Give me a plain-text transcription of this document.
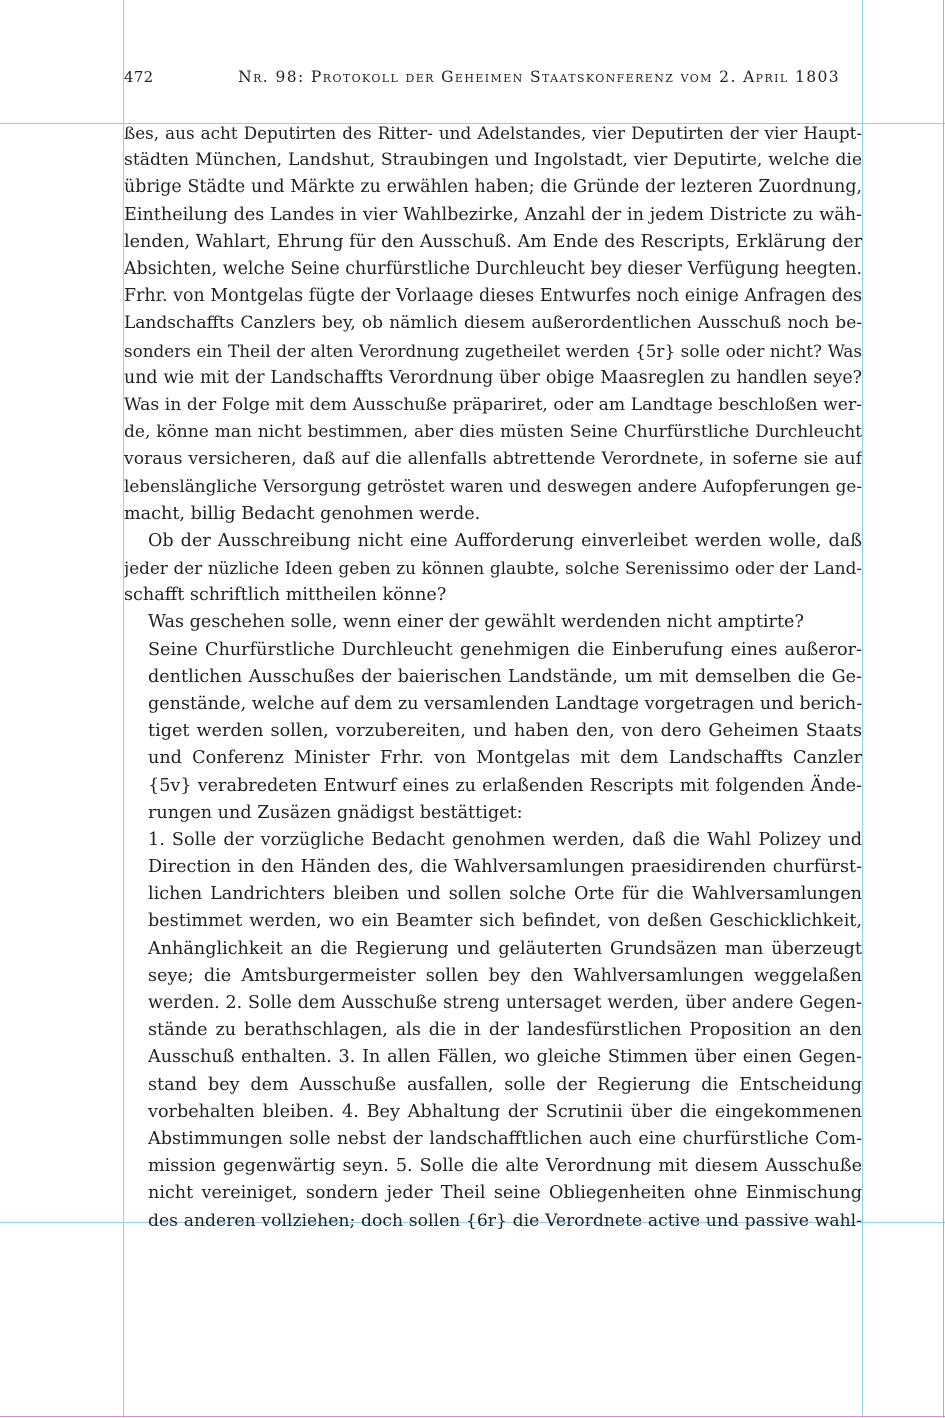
472	Nr. 98: Protokoll der Geheimen Staatskonferenz vom 2. April 1803
ßes, aus acht Deputirten des Ritter- und Adelstandes, vier Deputirten der vier Haupt-
städten München, Landshut, Straubingen und Ingolstadt, vier Deputirte, welche die
übrige Städte und Märkte zu erwählen haben; die Gründe der lezteren Zuordnung,
Eintheilung des Landes in vier Wahlbezirke, Anzahl der in jedem Districte zu wäh-
lenden, Wahlart, Ehrung für den Ausschuß. Am Ende des Rescripts, Erklärung der
Absichten, welche Seine churfürstliche Durchleucht bey dieser Verfügung heegten.
Frhr. von Montgelas fügte der Vorlaage dieses Entwurfes noch einige Anfragen des
Landschaffts Canzlers bey, ob nämlich diesem außerordentlichen Ausschuß noch be-
sonders ein Theil der alten Verordnung zugetheilet werden {5r} solle oder nicht? Was
und wie mit der Landschaffts Verordnung über obige Maasreglen zu handlen seye?
Was in der Folge mit dem Ausschuße präpariret, oder am Landtage beschloßen wer-
de, könne man nicht bestimmen, aber dies müsten Seine Churfürstliche Durchleucht
voraus versicheren, daß auf die allenfalls abtrettende Verordnete, in soferne sie auf
lebenslängliche Versorgung getröstet waren und deswegen andere Aufopferungen ge-
macht, billig Bedacht genohmen werde.
Ob der Ausschreibung nicht eine Aufforderung einverleibet werden wolle, daß
jeder der nüzliche Ideen geben zu können glaubte, solche Serenissimo oder der Land-
schafft schriftlich mittheilen könne?
Was geschehen solle, wenn einer der gewählt werdenden nicht amptirte?
Seine Churfürstliche Durchleucht genehmigen die Einberufung eines außeror-
dentlichen Ausschußes der baierischen Landstände, um mit demselben die Ge-
genstände, welche auf dem zu versamlenden Landtage vorgetragen und berich-
tiget werden sollen, vorzubereiten, und haben den, von dero Geheimen Staats
und Conferenz Minister Frhr. von Montgelas mit dem Landschaffts Canzler
{5v} verabredeten Entwurf eines zu erlaßenden Rescripts mit folgenden Ände-
rungen und Zusäzen gnädigst bestättiget:
1. Solle der vorzügliche Bedacht genohmen werden, daß die Wahl Polizey und
Direction in den Händen des, die Wahlversamlungen praesidirenden churfürst-
lichen Landrichters bleiben und sollen solche Orte für die Wahlversamlungen
bestimmet werden, wo ein Beamter sich befindet, von deßen Geschicklichkeit,
Anhänglichkeit an die Regierung und geläuterten Grundsäzen man überzeugt
seye; die Amtsburgermeister sollen bey den Wahlversamlungen weggelaßen
werden. 2. Solle dem Ausschuße streng untersaget werden, über andere Gegen-
stände zu berathschlagen, als die in der landesfürstlichen Proposition an den
Ausschuß enthalten. 3. In allen Fällen, wo gleiche Stimmen über einen Gegen-
stand bey dem Ausschuße ausfallen, solle der Regierung die Entscheidung
vorbehalten bleiben. 4. Bey Abhaltung der Scrutinii über die eingekommenen
Abstimmungen solle nebst der landschafftlichen auch eine churfürstliche Com-
mission gegenwärtig seyn. 5. Solle die alte Verordnung mit diesem Ausschuße
nicht vereiniget, sondern jeder Theil seine Obliegenheiten ohne Einmischung
des anderen vollziehen; doch sollen {6r} die Verordnete active und passive wahl-
